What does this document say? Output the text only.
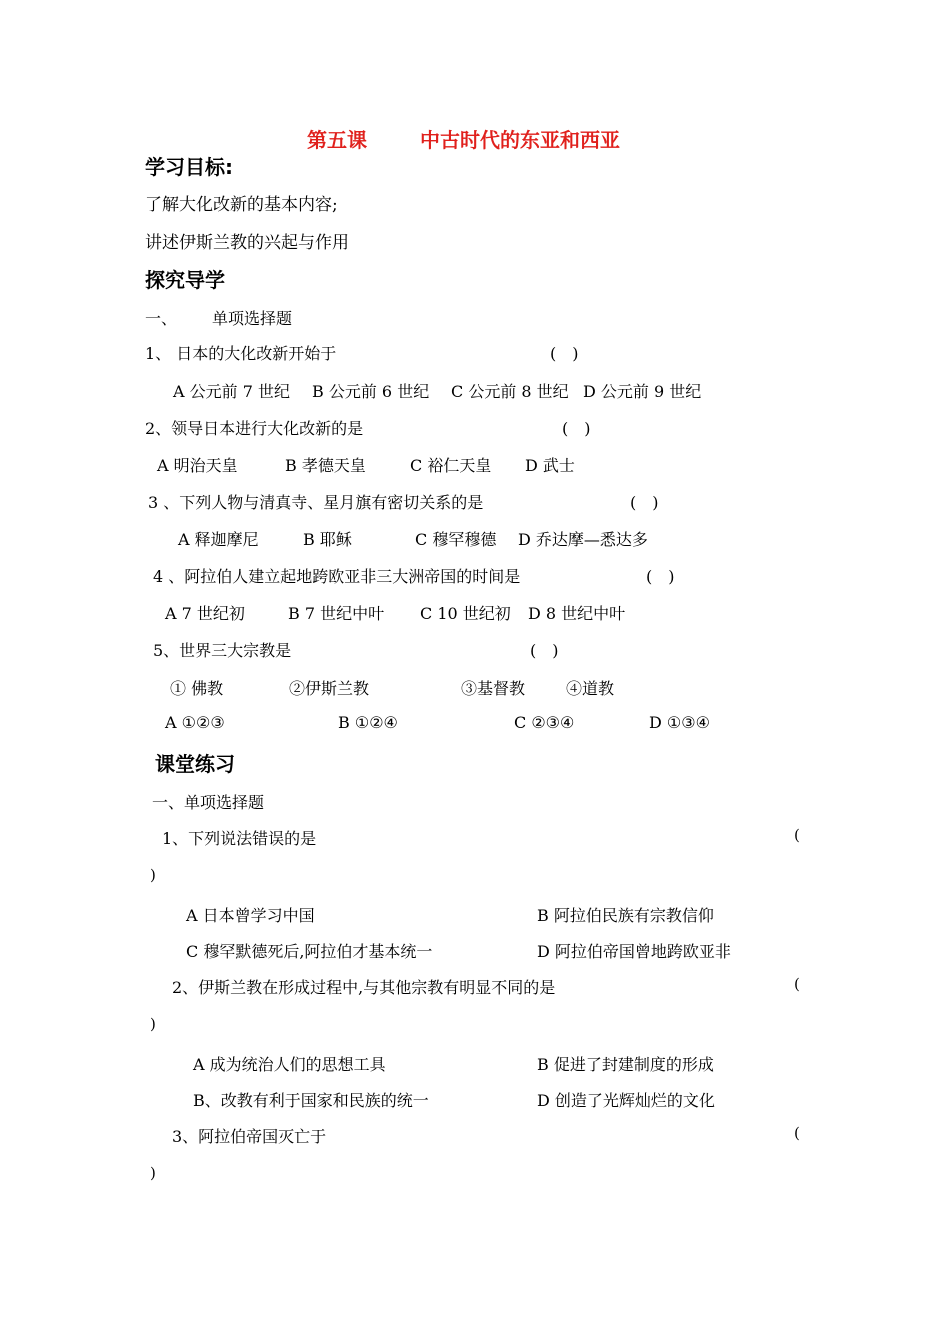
第五课	中古时代的东亚和西亚
学习目标:
了解大化改新的基本内容;
讲述伊斯兰教的兴起与作用
探究导学
一、 单项选择题
1、 日本的大化改新开始于	(　)
A 公元前 7 世纪 B 公元前 6 世纪 C 公元前 8 世纪 D 公元前 9 世纪
2、领导日本进行大化改新的是	(　)
A 明治天皇	B 孝德天皇	C 裕仁天皇 D 武士
3 、下列人物与清真寺、星月旗有密切关系的是	(　)
A 释迦摩尼	B 耶稣	C 穆罕穆德 D 乔达摩—悉达多
4 、阿拉伯人建立起地跨欧亚非三大洲帝国的时间是	(　)
A 7 世纪初	B 7 世纪中叶 C 10 世纪初 D 8 世纪中叶
5、世界三大宗教是	(　)
① 佛教	②伊斯兰教	③基督教	④道教
A ①②③	B ①②④	C ②③④	D ①③④
课堂练习
一、单项选择题
1、下列说法错误的是	(
)
A 日本曾学习中国	B 阿拉伯民族有宗教信仰
C 穆罕默德死后,阿拉伯才基本统一	D 阿拉伯帝国曾地跨欧亚非
2、伊斯兰教在形成过程中,与其他宗教有明显不同的是	(
)
A 成为统治人们的思想工具	B 促进了封建制度的形成
B、改教有利于国家和民族的统一	D 创造了光辉灿烂的文化
3、阿拉伯帝国灭亡于	(
)
